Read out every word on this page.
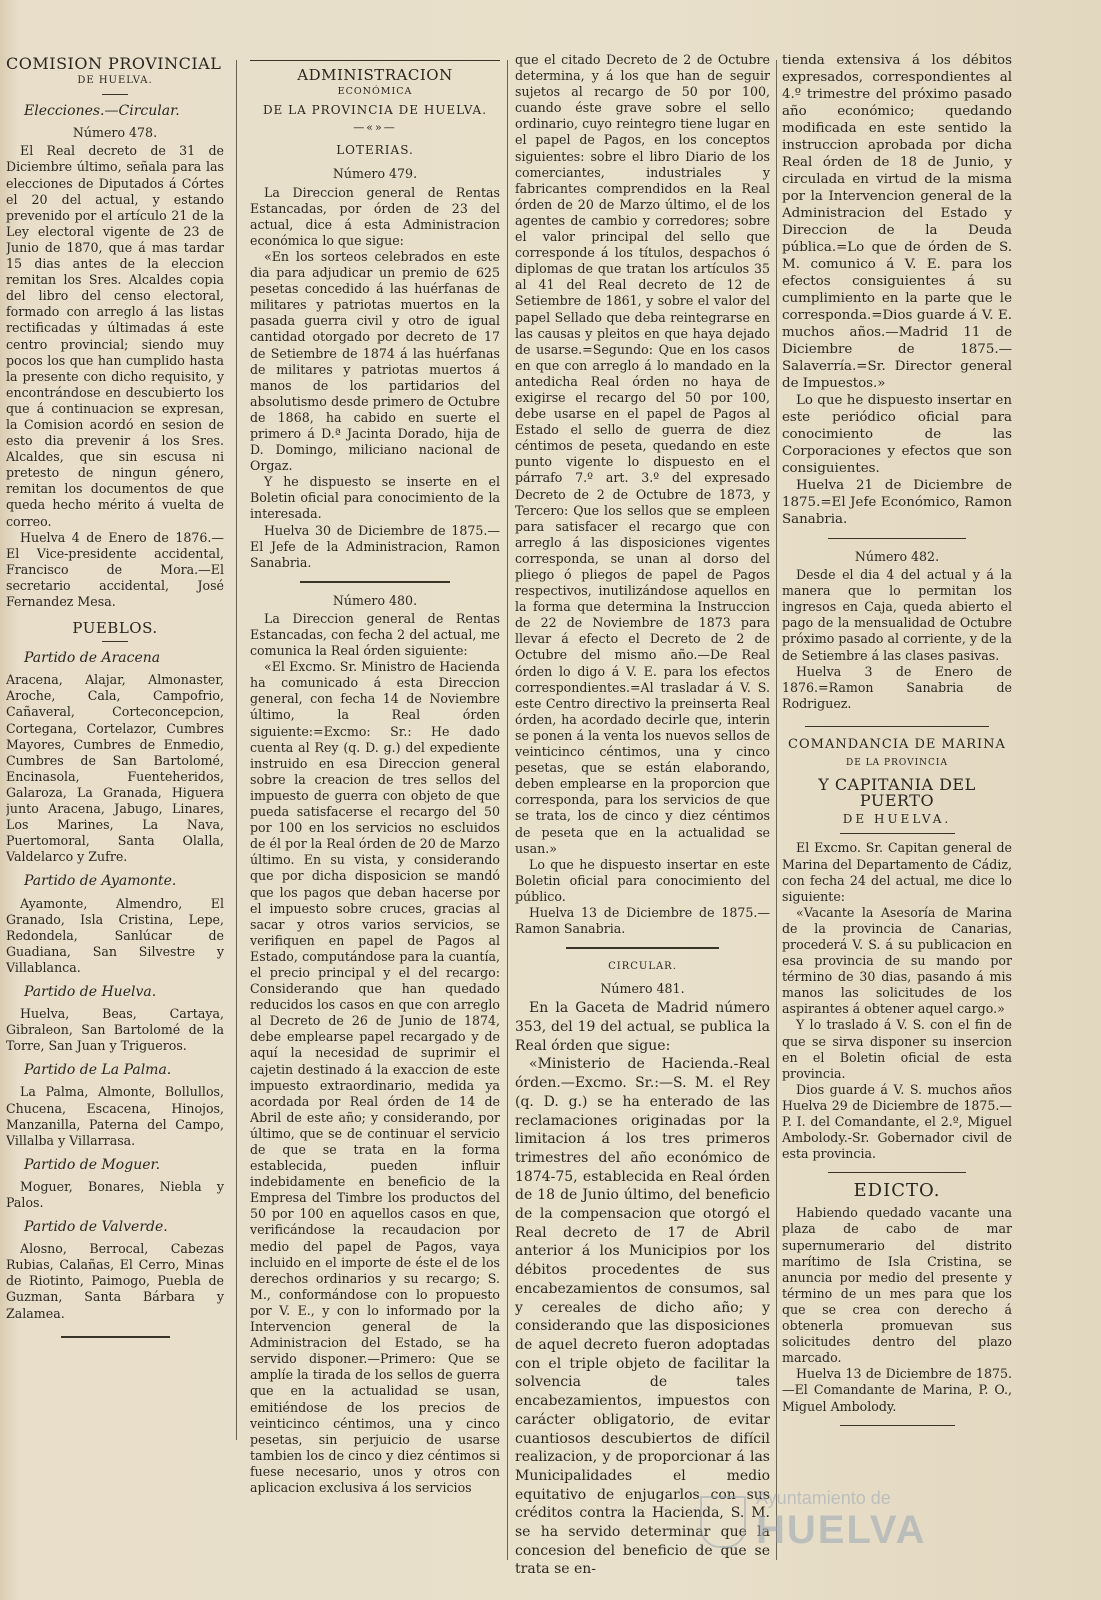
COMISION PROVINCIAL
DE HUELVA.
Elecciones.—Circular.
Número 478.

El Real decreto de 31 de Diciembre último, señala para las elecciones de Diputados á Córtes el 20 del actual, y estando prevenido por el artículo 21 de la Ley electoral vigente de 23 de Junio de 1870, que á mas tardar 15 dias antes de la eleccion remitan los Sres. Alcaldes copia del libro del censo electoral, formado con arreglo á las listas rectificadas y últimadas á este centro provincial; siendo muy pocos los que han cumplido hasta la presente con dicho requisito, y encontrándose en descubierto los que á continuacion se expresan, la Comision acordó en sesion de esto dia prevenir á los Sres. Alcaldes, que sin escusa ni pretesto de ningun género, remitan los documentos de que queda hecho mérito á vuelta de correo.

Huelva 4 de Enero de 1876.—El Vice-presidente accidental, Francisco de Mora.—El secretario accidental, José Fernandez Mesa.

PUEBLOS.
Partido de Aracena

Aracena, Alajar, Almonaster, Aroche, Cala, Campofrio, Cañaveral, Corteconcepcion, Cortegana, Cortelazor, Cumbres Mayores, Cumbres de Enmedio, Cumbres de San Bartolomé, Encinasola, Fuenteheridos, Galaroza, La Granada, Higuera junto Aracena, Jabugo, Linares, Los Marines, La Nava, Puertomoral, Santa Olalla, Valdelarco y Zufre.

Partido de Ayamonte.

Ayamonte, Almendro, El Granado, Isla Cristina, Lepe, Redondela, Sanlúcar de Guadiana, San Silvestre y Villablanca.

Partido de Huelva.

Huelva, Beas, Cartaya, Gibraleon, San Bartolomé de la Torre, San Juan y Trigueros.

Partido de La Palma.

La Palma, Almonte, Bollullos, Chucena, Escacena, Hinojos, Manzanilla, Paterna del Campo, Villalba y Villarrasa.

Partido de Moguer.

Moguer, Bonares, Niebla y Palos.

Partido de Valverde.

Alosno, Berrocal, Cabezas Rubias, Calañas, El Cerro, Minas de Riotinto, Paimogo, Puebla de Guzman, Santa Bárbara y Zalamea.

ADMINISTRACION
ECONÓMICA
DE LA PROVINCIA DE HUELVA.
—«»—
LOTERIAS.
Número 479.

La Direccion general de Rentas Estancadas, por órden de 23 del actual, dice á esta Administracion económica lo que sigue:

«En los sorteos celebrados en este dia para adjudicar un premio de 625 pesetas concedido á las huérfanas de militares y patriotas muertos en la pasada guerra civil y otro de igual cantidad otorgado por decreto de 17 de Setiembre de 1874 á las huérfanas de militares y patriotas muertos á manos de los partidarios del absolutismo desde primero de Octubre de 1868, ha cabido en suerte el primero á D.ª Jacinta Dorado, hija de D. Domingo, miliciano nacional de Orgaz.

Y he dispuesto se inserte en el Boletin oficial para conocimiento de la interesada.

Huelva 30 de Diciembre de 1875.—El Jefe de la Administracion, Ramon Sanabria.

Número 480.

La Direccion general de Rentas Estancadas, con fecha 2 del actual, me comunica la Real órden siguiente:

«El Excmo. Sr. Ministro de Hacienda ha comunicado á esta Direccion general, con fecha 14 de Noviembre último, la Real órden siguiente:=Excmo: Sr.: He dado cuenta al Rey (q. D. g.) del expediente instruido en esa Direccion general sobre la creacion de tres sellos del impuesto de guerra con objeto de que pueda satisfacerse el recargo del 50 por 100 en los servicios no escluidos de él por la Real órden de 20 de Marzo último. En su vista, y considerando que por dicha disposicion se mandó que los pagos que deban hacerse por el impuesto sobre cruces, gracias al sacar y otros varios servicios, se verifiquen en papel de Pagos al Estado, computándose para la cuantía, el precio principal y el del recargo: Considerando que han quedado reducidos los casos en que con arreglo al Decreto de 26 de Junio de 1874, debe emplearse papel recargado y de aquí la necesidad de suprimir el cajetin destinado á la exaccion de este impuesto extraordinario, medida ya acordada por Real órden de 14 de Abril de este año; y considerando, por último, que se de continuar el servicio de que se trata en la forma establecida, pueden influir indebidamente en beneficio de la Empresa del Timbre los productos del 50 por 100 en aquellos casos en que, verificándose la recaudacion por medio del papel de Pagos, vaya incluido en el importe de éste el de los derechos ordinarios y su recargo; S. M., conformándose con lo propuesto por V. E., y con lo informado por la Intervencion general de la Administracion del Estado, se ha servido disponer.—Primero: Que se amplíe la tirada de los sellos de guerra que en la actualidad se usan, emitiéndose de los precios de veinticinco céntimos, una y cinco pesetas, sin perjuicio de usarse tambien los de cinco y diez céntimos si fuese necesario, unos y otros con aplicacion exclusiva á los servicios

que el citado Decreto de 2 de Octubre determina, y á los que han de seguir sujetos al recargo de 50 por 100, cuando éste grave sobre el sello ordinario, cuyo reintegro tiene lugar en el papel de Pagos, en los conceptos siguientes: sobre el libro Diario de los comerciantes, industriales y fabricantes comprendidos en la Real órden de 20 de Marzo último, el de los agentes de cambio y corredores; sobre el valor principal del sello que corresponde á los títulos, despachos ó diplomas de que tratan los artículos 35 al 41 del Real decreto de 12 de Setiembre de 1861, y sobre el valor del papel Sellado que deba reintegrarse en las causas y pleitos en que haya dejado de usarse.=Segundo: Que en los casos en que con arreglo á lo mandado en la antedicha Real órden no haya de exigirse el recargo del 50 por 100, debe usarse en el papel de Pagos al Estado el sello de guerra de diez céntimos de peseta, quedando en este punto vigente lo dispuesto en el párrafo 7.º art. 3.º del expresado Decreto de 2 de Octubre de 1873, y Tercero: Que los sellos que se empleen para satisfacer el recargo que con arreglo á las disposiciones vigentes corresponda, se unan al dorso del pliego ó pliegos de papel de Pagos respectivos, inutilizándose aquellos en la forma que determina la Instruccion de 22 de Noviembre de 1873 para llevar á efecto el Decreto de 2 de Octubre del mismo año.—De Real órden lo digo á V. E. para los efectos correspondientes.=Al trasladar á V. S. este Centro directivo la preinserta Real órden, ha acordado decirle que, interin se ponen á la venta los nuevos sellos de veinticinco céntimos, una y cinco pesetas, que se están elaborando, deben emplearse en la proporcion que corresponda, para los servicios de que se trata, los de cinco y diez céntimos de peseta que en la actualidad se usan.»

Lo que he dispuesto insertar en este Boletin oficial para conocimiento del público.

Huelva 13 de Diciembre de 1875.—Ramon Sanabria.

CIRCULAR.
Número 481.

En la Gaceta de Madrid número 353, del 19 del actual, se publica la Real órden que sigue:

«Ministerio de Hacienda.-Real órden.—Excmo. Sr.:—S. M. el Rey (q. D. g.) se ha enterado de las reclamaciones originadas por la limitacion á los tres primeros trimestres del año económico de 1874-75, establecida en Real órden de 18 de Junio último, del beneficio de la compensacion que otorgó el Real decreto de 17 de Abril anterior á los Municipios por los débitos procedentes de sus encabezamientos de consumos, sal y cereales de dicho año; y considerando que las disposiciones de aquel decreto fueron adoptadas con el triple objeto de facilitar la solvencia de tales encabezamientos, impuestos con carácter obligatorio, de evitar cuantiosos descubiertos de difícil realizacion, y de proporcionar á las Municipalidades el medio equitativo de enjugarlos con sus créditos contra la Hacienda, S. M. se ha servido determinar que la concesion del beneficio de que se trata se en-

tienda extensiva á los débitos expresados, correspondientes al 4.º trimestre del próximo pasado año económico; quedando modificada en este sentido la instruccion aprobada por dicha Real órden de 18 de Junio, y circulada en virtud de la misma por la Intervencion general de la Administracion del Estado y Direccion de la Deuda pública.=Lo que de órden de S. M. comunico á V. E. para los efectos consiguientes á su cumplimiento en la parte que le corresponda.=Dios guarde á V. E. muchos años.—Madrid 11 de Diciembre de 1875.—Salaverría.=Sr. Director general de Impuestos.»

Lo que he dispuesto insertar en este periódico oficial para conocimiento de las Corporaciones y efectos que son consiguientes.

Huelva 21 de Diciembre de 1875.=El Jefe Económico, Ramon Sanabria.

Número 482.

Desde el dia 4 del actual y á la manera que lo permitan los ingresos en Caja, queda abierto el pago de la mensualidad de Octubre próximo pasado al corriente, y de la de Setiembre á las clases pasivas.

Huelva 3 de Enero de 1876.=Ramon Sanabria de Rodriguez.

COMANDANCIA DE MARINA
DE LA PROVINCIA
Y CAPITANIA DEL PUERTO
DE HUELVA.

El Excmo. Sr. Capitan general de Marina del Departamento de Cádiz, con fecha 24 del actual, me dice lo siguiente:

«Vacante la Asesoría de Marina de la provincia de Canarias, procederá V. S. á su publicacion en esa provincia de su mando por término de 30 dias, pasando á mis manos las solicitudes de los aspirantes á obtener aquel cargo.»

Y lo traslado á V. S. con el fin de que se sirva disponer su insercion en el Boletin oficial de esta provincia.

Dios guarde á V. S. muchos años Huelva 29 de Diciembre de 1875.—P. I. del Comandante, el 2.º, Miguel Ambolody.-Sr. Gobernador civil de esta provincia.

EDICTO.

Habiendo quedado vacante una plaza de cabo de mar supernumerario del distrito marítimo de Isla Cristina, se anuncia por medio del presente y término de un mes para que los que se crea con derecho á obtenerla promuevan sus solicitudes dentro del plazo marcado.

Huelva 13 de Diciembre de 1875.—El Comandante de Marina, P. O., Miguel Ambolody.

Ayuntamiento de
HUELVA
